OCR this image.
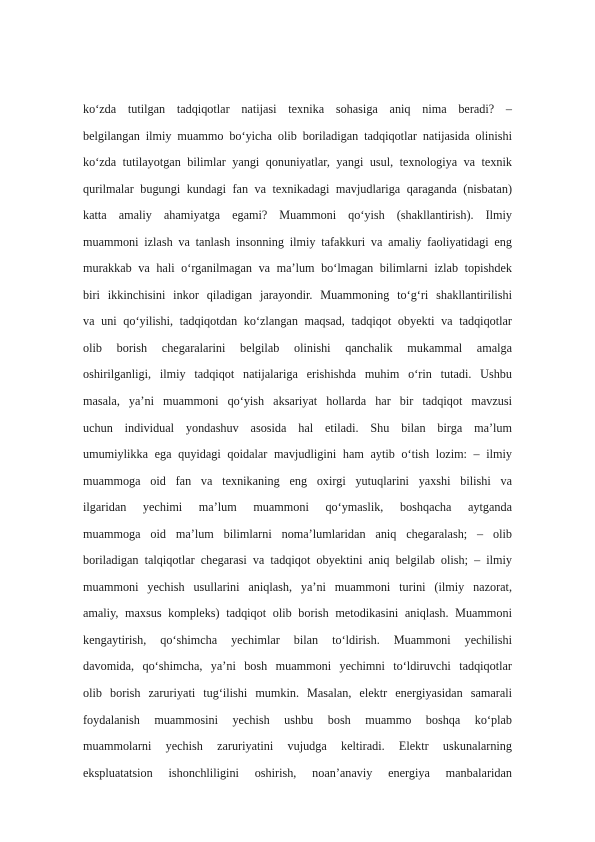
ko‘zda tutilgan tadqiqotlar natijasi texnika sohasiga aniq nima beradi? –
belgilangan ilmiy muammo bo‘yicha olib boriladigan tadqiqotlar natijasida olinishi
ko‘zda tutilayotgan bilimlar yangi qonuniyatlar, yangi usul, texnologiya va texnik
qurilmalar bugungi kundagi fan va texnikadagi mavjudlariga qaraganda (nisbatan)
katta amaliy ahamiyatga egami? Muammoni qo‘yish (shakllantirish). Ilmiy
muammoni izlash va tanlash insonning ilmiy tafakkuri va amaliy faoliyatidagi eng
murakkab va hali o‘rganilmagan va ma’lum bo‘lmagan bilimlarni izlab topishdek
biri ikkinchisini inkor qiladigan jarayondir. Muammoning to‘g‘ri shakllantirilishi
va uni qo‘yilishi, tadqiqotdan ko‘zlangan maqsad, tadqiqot obyekti va tadqiqotlar
olib borish chegaralarini belgilab olinishi qanchalik mukammal amalga
oshirilganligi, ilmiy tadqiqot natijalariga erishishda muhim o‘rin tutadi. Ushbu
masala, ya’ni muammoni qo‘yish aksariyat hollarda har bir tadqiqot mavzusi
uchun individual yondashuv asosida hal etiladi. Shu bilan birga ma’lum
umumiylikka ega quyidagi qoidalar mavjudligini ham aytib o‘tish lozim: – ilmiy
muammoga oid fan va texnikaning eng oxirgi yutuqlarini yaxshi bilishi va
ilgaridan yechimi ma’lum muammoni qo‘ymaslik, boshqacha aytganda
muammoga oid ma’lum bilimlarni noma’lumlaridan aniq chegaralash; – olib
boriladigan talqiqotlar chegarasi va tadqiqot obyektini aniq belgilab olish; – ilmiy
muammoni yechish usullarini aniqlash, ya’ni muammoni turini (ilmiy nazorat,
amaliy, maxsus kompleks) tadqiqot olib borish metodikasini aniqlash. Muammoni
kengaytirish, qo‘shimcha yechimlar bilan to‘ldirish. Muammoni yechilishi
davomida, qo‘shimcha, ya’ni bosh muammoni yechimni to‘ldiruvchi tadqiqotlar
olib borish zaruriyati tug‘ilishi mumkin. Masalan, elektr energiyasidan samarali
foydalanish muammosini yechish ushbu bosh muammo boshqa ko‘plab
muammolarni yechish zaruriyatini vujudga keltiradi. Elektr uskunalarning
ekspluatatsion ishonchliligini oshirish, noan’anaviy energiya manbalaridan
